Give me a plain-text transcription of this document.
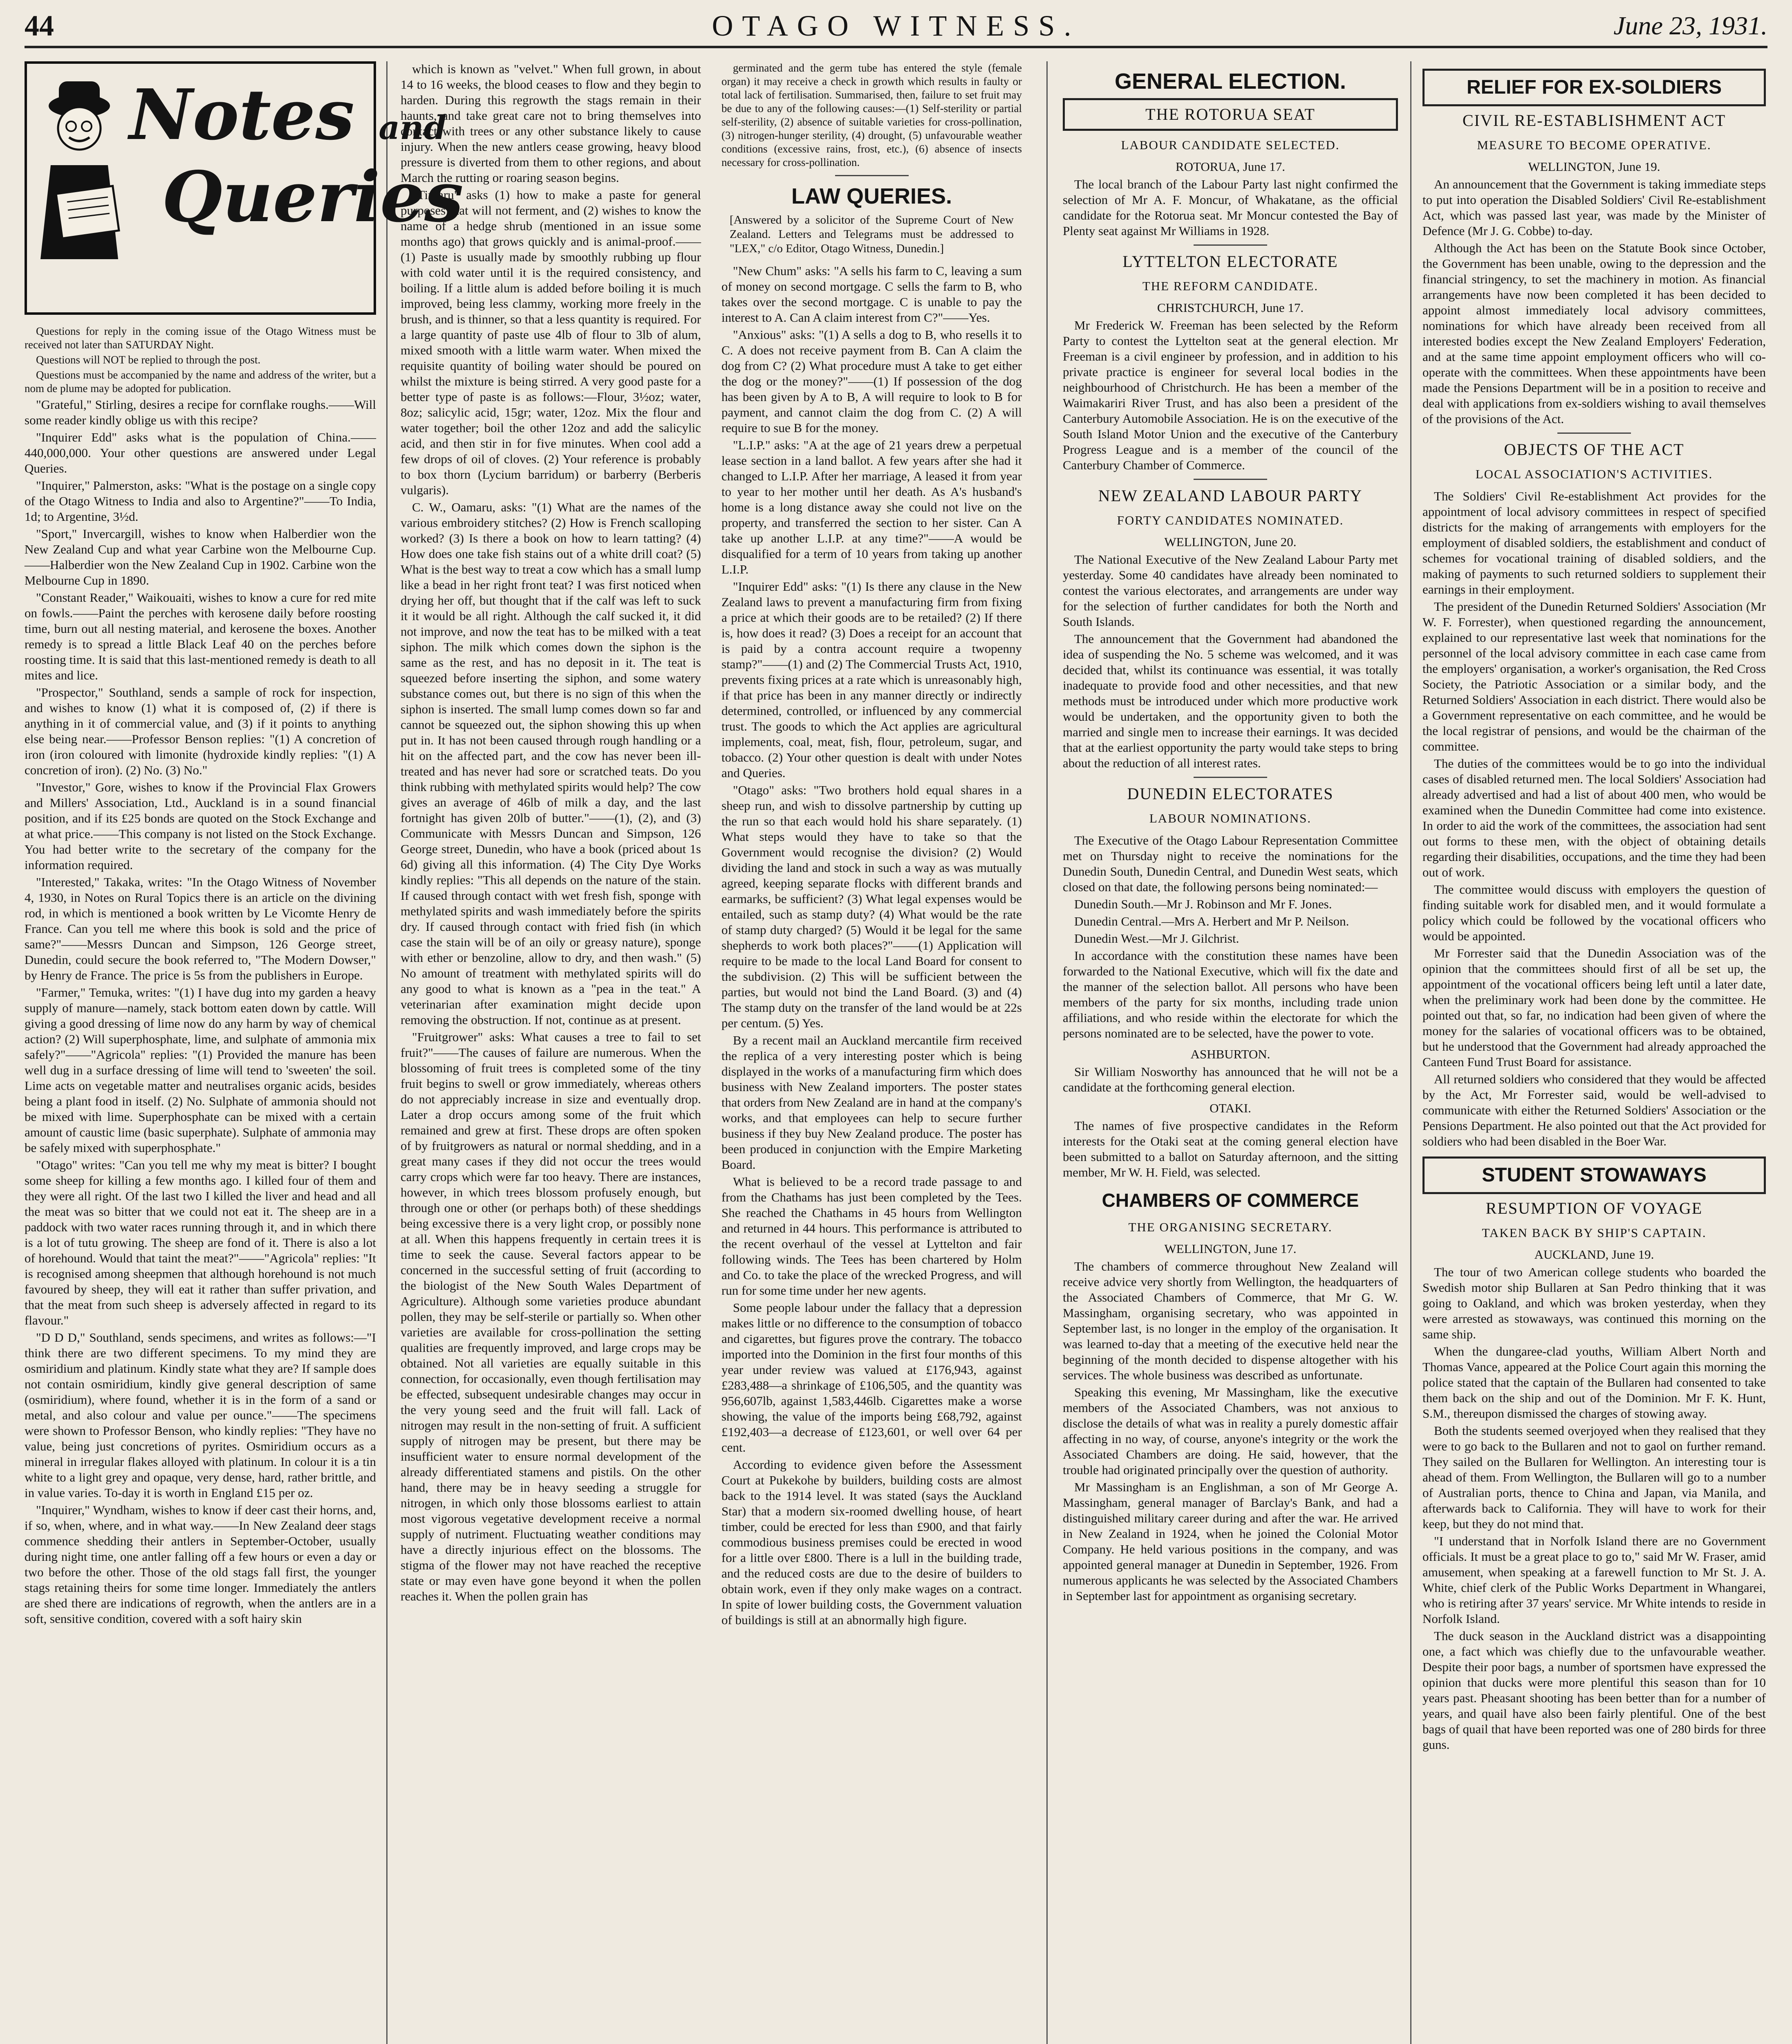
44	OTAGO WITNESS.	June 23, 1931.
Notes and
Queries

Questions for reply in the coming issue of the Otago Witness must be received not later than SATURDAY Night.

Questions will NOT be replied to through the post.

Questions must be accompanied by the name and address of the writer, but a nom de plume may be adopted for publication.

"Grateful," Stirling, desires a recipe for cornflake roughs.——Will some reader kindly oblige us with this recipe?

"Inquirer Edd" asks what is the population of China.——440,000,000. Your other questions are answered under Legal Queries.

"Inquirer," Palmerston, asks: "What is the postage on a single copy of the Otago Witness to India and also to Argentine?"——To India, 1d; to Argentine, 3½d.

"Sport," Invercargill, wishes to know when Halberdier won the New Zealand Cup and what year Carbine won the Melbourne Cup.——Halberdier won the New Zealand Cup in 1902. Carbine won the Melbourne Cup in 1890.

"Constant Reader," Waikouaiti, wishes to know a cure for red mite on fowls.——Paint the perches with kerosene daily before roosting time, burn out all nesting material, and kerosene the boxes. Another remedy is to spread a little Black Leaf 40 on the perches before roosting time. It is said that this last-mentioned remedy is death to all mites and lice.

"Prospector," Southland, sends a sample of rock for inspection, and wishes to know (1) what it is composed of, (2) if there is anything in it of commercial value, and (3) if it points to anything else being near.——Professor Benson replies: "(1) A concretion of iron (iron coloured with limonite (hydroxide kindly replies: "(1) A concretion of iron). (2) No. (3) No."

"Investor," Gore, wishes to know if the Provincial Flax Growers and Millers' Association, Ltd., Auckland is in a sound financial position, and if its £25 bonds are quoted on the Stock Exchange and at what price.——This company is not listed on the Stock Exchange. You had better write to the secretary of the company for the information required.

"Interested," Takaka, writes: "In the Otago Witness of November 4, 1930, in Notes on Rural Topics there is an article on the divining rod, in which is mentioned a book written by Le Vicomte Henry de France. Can you tell me where this book is sold and the price of same?"——Messrs Duncan and Simpson, 126 George street, Dunedin, could secure the book referred to, "The Modern Dowser," by Henry de France. The price is 5s from the publishers in Europe.

"Farmer," Temuka, writes: "(1) I have dug into my garden a heavy supply of manure—namely, stack bottom eaten down by cattle. Will giving a good dressing of lime now do any harm by way of chemical action? (2) Will superphosphate, lime, and sulphate of ammonia mix safely?"——"Agricola" replies: "(1) Provided the manure has been well dug in a surface dressing of lime will tend to 'sweeten' the soil. Lime acts on vegetable matter and neutralises organic acids, besides being a plant food in itself. (2) No. Sulphate of ammonia should not be mixed with lime. Superphosphate can be mixed with a certain amount of caustic lime (basic superphate). Sulphate of ammonia may be safely mixed with superphosphate."

"Otago" writes: "Can you tell me why my meat is bitter? I bought some sheep for killing a few months ago. I killed four of them and they were all right. Of the last two I killed the liver and head and all the meat was so bitter that we could not eat it. The sheep are in a paddock with two water races running through it, and in which there is a lot of tutu growing. The sheep are fond of it. There is also a lot of horehound. Would that taint the meat?"——"Agricola" replies: "It is recognised among sheepmen that although horehound is not much favoured by sheep, they will eat it rather than suffer privation, and that the meat from such sheep is adversely affected in regard to its flavour."

"D D D," Southland, sends specimens, and writes as follows:—"I think there are two different specimens. To my mind they are osmiridium and platinum. Kindly state what they are? If sample does not contain osmiridium, kindly give general description of same (osmiridium), where found, whether it is in the form of a sand or metal, and also colour and value per ounce."——The specimens were shown to Professor Benson, who kindly replies: "They have no value, being just concretions of pyrites. Osmiridium occurs as a mineral in irregular flakes alloyed with platinum. In colour it is a tin white to a light grey and opaque, very dense, hard, rather brittle, and in value varies. To-day it is worth in England £15 per oz.

"Inquirer," Wyndham, wishes to know if deer cast their horns, and, if so, when, where, and in what way.——In New Zealand deer stags commence shedding their antlers in September-October, usually during night time, one antler falling off a few hours or even a day or two before the other. Those of the old stags fall first, the younger stags retaining theirs for some time longer. Immediately the antlers are shed there are indications of regrowth, when the antlers are in a soft, sensitive condition, covered with a soft hairy skin

which is known as "velvet." When full grown, in about 14 to 16 weeks, the blood ceases to flow and they begin to harden. During this regrowth the stags remain in their haunts, and take great care not to bring themselves into contact with trees or any other substance likely to cause injury. When the new antlers cease growing, heavy blood pressure is diverted from them to other regions, and about March the rutting or roaring season begins.

"Timaru" asks (1) how to make a paste for general purposes that will not ferment, and (2) wishes to know the name of a hedge shrub (mentioned in an issue some months ago) that grows quickly and is animal-proof.——(1) Paste is usually made by smoothly rubbing up flour with cold water until it is the required consistency, and boiling. If a little alum is added before boiling it is much improved, being less clammy, working more freely in the brush, and is thinner, so that a less quantity is required. For a large quantity of paste use 4lb of flour to 3lb of alum, mixed smooth with a little warm water. When mixed the requisite quantity of boiling water should be poured on whilst the mixture is being stirred. A very good paste for a better type of paste is as follows:—Flour, 3½oz; water, 8oz; salicylic acid, 15gr; water, 12oz. Mix the flour and water together; boil the other 12oz and add the salicylic acid, and then stir in for five minutes. When cool add a few drops of oil of cloves. (2) Your reference is probably to box thorn (Lycium barridum) or barberry (Berberis vulgaris).

C. W., Oamaru, asks: "(1) What are the names of the various embroidery stitches? (2) How is French scalloping worked? (3) Is there a book on how to learn tatting? (4) How does one take fish stains out of a white drill coat? (5) What is the best way to treat a cow which has a small lump like a bead in her right front teat? I was first noticed when drying her off, but thought that if the calf was left to suck it it would be all right. Although the calf sucked it, it did not improve, and now the teat has to be milked with a teat siphon. The milk which comes down the siphon is the same as the rest, and has no deposit in it. The teat is squeezed before inserting the siphon, and some watery substance comes out, but there is no sign of this when the siphon is inserted. The small lump comes down so far and cannot be squeezed out, the siphon showing this up when put in. It has not been caused through rough handling or a hit on the affected part, and the cow has never been ill-treated and has never had sore or scratched teats. Do you think rubbing with methylated spirits would help? The cow gives an average of 46lb of milk a day, and the last fortnight has given 20lb of butter."——(1), (2), and (3) Communicate with Messrs Duncan and Simpson, 126 George street, Dunedin, who have a book (priced about 1s 6d) giving all this information. (4) The City Dye Works kindly replies: "This all depends on the nature of the stain. If caused through contact with wet fresh fish, sponge with methylated spirits and wash immediately before the spirits dry. If caused through contact with fried fish (in which case the stain will be of an oily or greasy nature), sponge with ether or benzoline, allow to dry, and then wash." (5) No amount of treatment with methylated spirits will do any good to what is known as a "pea in the teat." A veterinarian after examination might decide upon removing the obstruction. If not, continue as at present.

"Fruitgrower" asks: What causes a tree to fail to set fruit?"——The causes of failure are numerous. When the blossoming of fruit trees is completed some of the tiny fruit begins to swell or grow immediately, whereas others do not appreciably increase in size and eventually drop. Later a drop occurs among some of the fruit which remained and grew at first. These drops are often spoken of by fruitgrowers as natural or normal shedding, and in a great many cases if they did not occur the trees would carry crops which were far too heavy. There are instances, however, in which trees blossom profusely enough, but through one or other (or perhaps both) of these sheddings being excessive there is a very light crop, or possibly none at all. When this happens frequently in certain trees it is time to seek the cause. Several factors appear to be concerned in the successful setting of fruit (according to the biologist of the New South Wales Department of Agriculture). Although some varieties produce abundant pollen, they may be self-sterile or partially so. When other varieties are available for cross-pollination the setting qualities are frequently improved, and large crops may be obtained. Not all varieties are equally suitable in this connection, for occasionally, even though fertilisation may be effected, subsequent undesirable changes may occur in the very young seed and the fruit will fall. Lack of nitrogen may result in the non-setting of fruit. A sufficient supply of nitrogen may be present, but there may be insufficient water to ensure normal development of the already differentiated stamens and pistils. On the other hand, there may be in heavy seeding a struggle for nitrogen, in which only those blossoms earliest to attain most vigorous vegetative development receive a normal supply of nutriment. Fluctuating weather conditions may have a directly injurious effect on the blossoms. The stigma of the flower may not have reached the receptive state or may even have gone beyond it when the pollen reaches it. When the pollen grain has

germinated and the germ tube has entered the style (female organ) it may receive a check in growth which results in faulty or total lack of fertilisation. Summarised, then, failure to set fruit may be due to any of the following causes:—(1) Self-sterility or partial self-sterility, (2) absence of suitable varieties for cross-pollination, (3) nitrogen-hunger sterility, (4) drought, (5) unfavourable weather conditions (excessive rains, frost, etc.), (6) absence of insects necessary for cross-pollination.

LAW QUERIES.
[Answered by a solicitor of the Supreme Court of New Zealand. Letters and Telegrams must be addressed to "LEX," c/o Editor, Otago Witness, Dunedin.]

"New Chum" asks: "A sells his farm to C, leaving a sum of money on second mortgage. C sells the farm to B, who takes over the second mortgage. C is unable to pay the interest to A. Can A claim interest from C?"——Yes.

"Anxious" asks: "(1) A sells a dog to B, who resells it to C. A does not receive payment from B. Can A claim the dog from C? (2) What procedure must A take to get either the dog or the money?"——(1) If possession of the dog has been given by A to B, A will require to look to B for payment, and cannot claim the dog from C. (2) A will require to sue B for the money.

"L.I.P." asks: "A at the age of 21 years drew a perpetual lease section in a land ballot. A few years after she had it changed to L.I.P. After her marriage, A leased it from year to year to her mother until her death. As A's husband's home is a long distance away she could not live on the property, and transferred the section to her sister. Can A take up another L.I.P. at any time?"——A would be disqualified for a term of 10 years from taking up another L.I.P.

"Inquirer Edd" asks: "(1) Is there any clause in the New Zealand laws to prevent a manufacturing firm from fixing a price at which their goods are to be retailed? (2) If there is, how does it read? (3) Does a receipt for an account that is paid by a contra account require a twopenny stamp?"——(1) and (2) The Commercial Trusts Act, 1910, prevents fixing prices at a rate which is unreasonably high, if that price has been in any manner directly or indirectly determined, controlled, or influenced by any commercial trust. The goods to which the Act applies are agricultural implements, coal, meat, fish, flour, petroleum, sugar, and tobacco. (2) Your other question is dealt with under Notes and Queries.

"Otago" asks: "Two brothers hold equal shares in a sheep run, and wish to dissolve partnership by cutting up the run so that each would hold his share separately. (1) What steps would they have to take so that the Government would recognise the division? (2) Would dividing the land and stock in such a way as was mutually agreed, keeping separate flocks with different brands and earmarks, be sufficient? (3) What legal expenses would be entailed, such as stamp duty? (4) What would be the rate of stamp duty charged? (5) Would it be legal for the same shepherds to work both places?"——(1) Application will require to be made to the local Land Board for consent to the subdivision. (2) This will be sufficient between the parties, but would not bind the Land Board. (3) and (4) The stamp duty on the transfer of the land would be at 22s per centum. (5) Yes.

By a recent mail an Auckland mercantile firm received the replica of a very interesting poster which is being displayed in the works of a manufacturing firm which does business with New Zealand importers. The poster states that orders from New Zealand are in hand at the company's works, and that employees can help to secure further business if they buy New Zealand produce. The poster has been produced in conjunction with the Empire Marketing Board.

What is believed to be a record trade passage to and from the Chathams has just been completed by the Tees. She reached the Chathams in 45 hours from Wellington and returned in 44 hours. This performance is attributed to the recent overhaul of the vessel at Lyttelton and fair following winds. The Tees has been chartered by Holm and Co. to take the place of the wrecked Progress, and will run for some time under her new agents.

Some people labour under the fallacy that a depression makes little or no difference to the consumption of tobacco and cigarettes, but figures prove the contrary. The tobacco imported into the Dominion in the first four months of this year under review was valued at £176,943, against £283,488—a shrinkage of £106,505, and the quantity was 956,607lb, against 1,583,446lb. Cigarettes make a worse showing, the value of the imports being £68,792, against £192,403—a decrease of £123,601, or well over 64 per cent.

According to evidence given before the Assessment Court at Pukekohe by builders, building costs are almost back to the 1914 level. It was stated (says the Auckland Star) that a modern six-roomed dwelling house, of heart timber, could be erected for less than £900, and that fairly commodious business premises could be erected in wood for a little over £800. There is a lull in the building trade, and the reduced costs are due to the desire of builders to obtain work, even if they only make wages on a contract. In spite of lower building costs, the Government valuation of buildings is still at an abnormally high figure.

GENERAL ELECTION.
THE ROTORUA SEAT
LABOUR CANDIDATE SELECTED.
ROTORUA, June 17.

The local branch of the Labour Party last night confirmed the selection of Mr A. F. Moncur, of Whakatane, as the official candidate for the Rotorua seat. Mr Moncur contested the Bay of Plenty seat against Mr Williams in 1928.

LYTTELTON ELECTORATE
THE REFORM CANDIDATE.
CHRISTCHURCH, June 17.

Mr Frederick W. Freeman has been selected by the Reform Party to contest the Lyttelton seat at the general election. Mr Freeman is a civil engineer by profession, and in addition to his private practice is engineer for several local bodies in the neighbourhood of Christchurch. He has been a member of the Waimakariri River Trust, and has also been a president of the Canterbury Automobile Association. He is on the executive of the South Island Motor Union and the executive of the Canterbury Progress League and is a member of the council of the Canterbury Chamber of Commerce.

NEW ZEALAND LABOUR PARTY
FORTY CANDIDATES NOMINATED.
WELLINGTON, June 20.

The National Executive of the New Zealand Labour Party met yesterday. Some 40 candidates have already been nominated to contest the various electorates, and arrangements are under way for the selection of further candidates for both the North and South Islands.

The announcement that the Government had abandoned the idea of suspending the No. 5 scheme was welcomed, and it was decided that, whilst its continuance was essential, it was totally inadequate to provide food and other necessities, and that new methods must be introduced under which more productive work would be undertaken, and the opportunity given to both the married and single men to increase their earnings. It was decided that at the earliest opportunity the party would take steps to bring about the reduction of all interest rates.

DUNEDIN ELECTORATES
LABOUR NOMINATIONS.

The Executive of the Otago Labour Representation Committee met on Thursday night to receive the nominations for the Dunedin South, Dunedin Central, and Dunedin West seats, which closed on that date, the following persons being nominated:—

Dunedin South.—Mr J. Robinson and Mr F. Jones.

Dunedin Central.—Mrs A. Herbert and Mr P. Neilson.

Dunedin West.—Mr J. Gilchrist.

In accordance with the constitution these names have been forwarded to the National Executive, which will fix the date and the manner of the selection ballot. All persons who have been members of the party for six months, including trade union affiliations, and who reside within the electorate for which the persons nominated are to be selected, have the power to vote.

ASHBURTON.

Sir William Nosworthy has announced that he will not be a candidate at the forthcoming general election.

OTAKI.

The names of five prospective candidates in the Reform interests for the Otaki seat at the coming general election have been submitted to a ballot on Saturday afternoon, and the sitting member, Mr W. H. Field, was selected.

CHAMBERS OF COMMERCE
THE ORGANISING SECRETARY.
WELLINGTON, June 17.

The chambers of commerce throughout New Zealand will receive advice very shortly from Wellington, the headquarters of the Associated Chambers of Commerce, that Mr G. W. Massingham, organising secretary, who was appointed in September last, is no longer in the employ of the organisation. It was learned to-day that a meeting of the executive held near the beginning of the month decided to dispense altogether with his services. The whole business was described as unfortunate.

Speaking this evening, Mr Massingham, like the executive members of the Associated Chambers, was not anxious to disclose the details of what was in reality a purely domestic affair affecting in no way, of course, anyone's integrity or the work the Associated Chambers are doing. He said, however, that the trouble had originated principally over the question of authority.

Mr Massingham is an Englishman, a son of Mr George A. Massingham, general manager of Barclay's Bank, and had a distinguished military career during and after the war. He arrived in New Zealand in 1924, when he joined the Colonial Motor Company. He held various positions in the company, and was appointed general manager at Dunedin in September, 1926. From numerous applicants he was selected by the Associated Chambers in September last for appointment as organising secretary.

RELIEF FOR EX-SOLDIERS
CIVIL RE-ESTABLISHMENT ACT
MEASURE TO BECOME OPERATIVE.
WELLINGTON, June 19.

An announcement that the Government is taking immediate steps to put into operation the Disabled Soldiers' Civil Re-establishment Act, which was passed last year, was made by the Minister of Defence (Mr J. G. Cobbe) to-day.

Although the Act has been on the Statute Book since October, the Government has been unable, owing to the depression and the financial stringency, to set the machinery in motion. As financial arrangements have now been completed it has been decided to appoint almost immediately local advisory committees, nominations for which have already been received from all interested bodies except the New Zealand Employers' Federation, and at the same time appoint employment officers who will co-operate with the committees. When these appointments have been made the Pensions Department will be in a position to receive and deal with applications from ex-soldiers wishing to avail themselves of the provisions of the Act.

OBJECTS OF THE ACT
LOCAL ASSOCIATION'S ACTIVITIES.

The Soldiers' Civil Re-establishment Act provides for the appointment of local advisory committees in respect of specified districts for the making of arrangements with employers for the employment of disabled soldiers, the establishment and conduct of schemes for vocational training of disabled soldiers, and the making of payments to such returned soldiers to supplement their earnings in their employment.

The president of the Dunedin Returned Soldiers' Association (Mr W. F. Forrester), when questioned regarding the announcement, explained to our representative last week that nominations for the personnel of the local advisory committee in each case came from the employers' organisation, a worker's organisation, the Red Cross Society, the Patriotic Association or a similar body, and the Returned Soldiers' Association in each district. There would also be a Government representative on each committee, and he would be the local registrar of pensions, and would be the chairman of the committee.

The duties of the committees would be to go into the individual cases of disabled returned men. The local Soldiers' Association had already advertised and had a list of about 400 men, who would be examined when the Dunedin Committee had come into existence. In order to aid the work of the committees, the association had sent out forms to these men, with the object of obtaining details regarding their disabilities, occupations, and the time they had been out of work.

The committee would discuss with employers the question of finding suitable work for disabled men, and it would formulate a policy which could be followed by the vocational officers who would be appointed.

Mr Forrester said that the Dunedin Association was of the opinion that the committees should first of all be set up, the appointment of the vocational officers being left until a later date, when the preliminary work had been done by the committee. He pointed out that, so far, no indication had been given of where the money for the salaries of vocational officers was to be obtained, but he understood that the Government had already approached the Canteen Fund Trust Board for assistance.

All returned soldiers who considered that they would be affected by the Act, Mr Forrester said, would be well-advised to communicate with either the Returned Soldiers' Association or the Pensions Department. He also pointed out that the Act provided for soldiers who had been disabled in the Boer War.

STUDENT STOWAWAYS
RESUMPTION OF VOYAGE
TAKEN BACK BY SHIP'S CAPTAIN.
AUCKLAND, June 19.

The tour of two American college students who boarded the Swedish motor ship Bullaren at San Pedro thinking that it was going to Oakland, and which was broken yesterday, when they were arrested as stowaways, was continued this morning on the same ship.

When the dungaree-clad youths, William Albert North and Thomas Vance, appeared at the Police Court again this morning the police stated that the captain of the Bullaren had consented to take them back on the ship and out of the Dominion. Mr F. K. Hunt, S.M., thereupon dismissed the charges of stowing away.

Both the students seemed overjoyed when they realised that they were to go back to the Bullaren and not to gaol on further remand. They sailed on the Bullaren for Wellington. An interesting tour is ahead of them. From Wellington, the Bullaren will go to a number of Australian ports, thence to China and Japan, via Manila, and afterwards back to California. They will have to work for their keep, but they do not mind that.

"I understand that in Norfolk Island there are no Government officials. It must be a great place to go to," said Mr W. Fraser, amid amusement, when speaking at a farewell function to Mr St. J. A. White, chief clerk of the Public Works Department in Whangarei, who is retiring after 37 years' service. Mr White intends to reside in Norfolk Island.

The duck season in the Auckland district was a disappointing one, a fact which was chiefly due to the unfavourable weather. Despite their poor bags, a number of sportsmen have expressed the opinion that ducks were more plentiful this season than for 10 years past. Pheasant shooting has been better than for a number of years, and quail have also been fairly plentiful. One of the best bags of quail that have been reported was one of 280 birds for three guns.
